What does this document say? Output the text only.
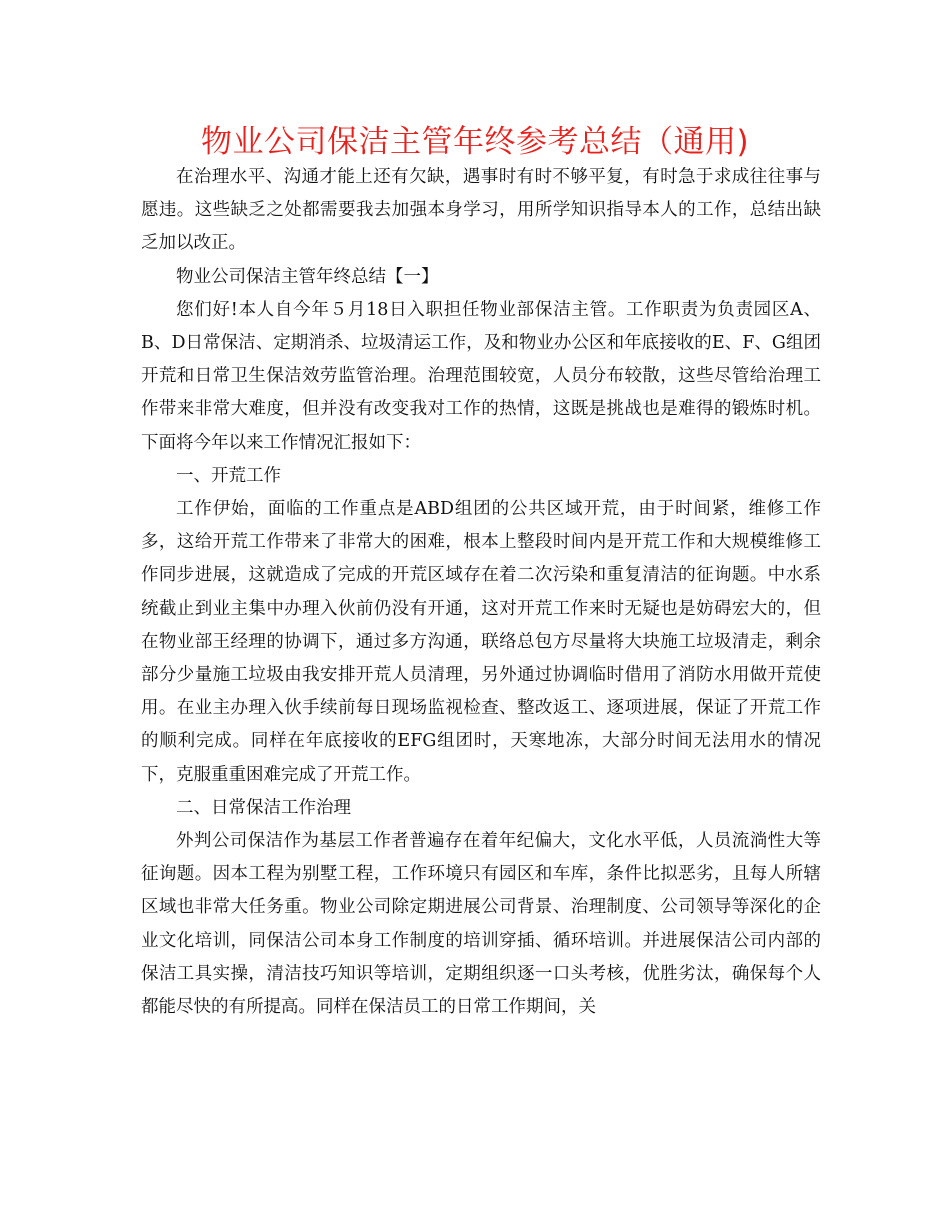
物业公司保洁主管年终参考总结（通用)

在治理水平、沟通才能上还有欠缺，遇事时有时不够平复，有时急于求成往往事与愿违。这些缺乏之处都需要我去加强本身学习，用所学知识指导本人的工作，总结出缺乏加以改正。

物业公司保洁主管年终总结【一】

您们好!本人自今年５月18日入职担任物业部保洁主管。工作职责为负责园区A、B、D日常保洁、定期消杀、垃圾清运工作，及和物业办公区和年底接收的E、F、G组团开荒和日常卫生保洁效劳监管治理。治理范围较宽，人员分布较散，这些尽管给治理工作带来非常大难度，但并没有改变我对工作的热情，这既是挑战也是难得的锻炼时机。下面将今年以来工作情况汇报如下：

一、开荒工作

工作伊始，面临的工作重点是ABD组团的公共区域开荒，由于时间紧，维修工作多，这给开荒工作带来了非常大的困难，根本上整段时间内是开荒工作和大规模维修工作同步进展，这就造成了完成的开荒区域存在着二次污染和重复清洁的征询题。中水系统截止到业主集中办理入伙前仍没有开通，这对开荒工作来时无疑也是妨碍宏大的，但在物业部王经理的协调下，通过多方沟通，联络总包方尽量将大块施工垃圾清走，剩余部分少量施工垃圾由我安排开荒人员清理，另外通过协调临时借用了消防水用做开荒使用。在业主办理入伙手续前每日现场监视检查、整改返工、逐项进展，保证了开荒工作的顺利完成。同样在年底接收的EFG组团时，天寒地冻，大部分时间无法用水的情况下，克服重重困难完成了开荒工作。

二、日常保洁工作治理

外判公司保洁作为基层工作者普遍存在着年纪偏大，文化水平低，人员流淌性大等征询题。因本工程为别墅工程，工作环境只有园区和车库，条件比拟恶劣，且每人所辖区域也非常大任务重。物业公司除定期进展公司背景、治理制度、公司领导等深化的企业文化培训，同保洁公司本身工作制度的培训穿插、循环培训。并进展保洁公司内部的保洁工具实操，清洁技巧知识等培训，定期组织逐一口头考核，优胜劣汰，确保每个人都能尽快的有所提高。同样在保洁员工的日常工作期间，关
